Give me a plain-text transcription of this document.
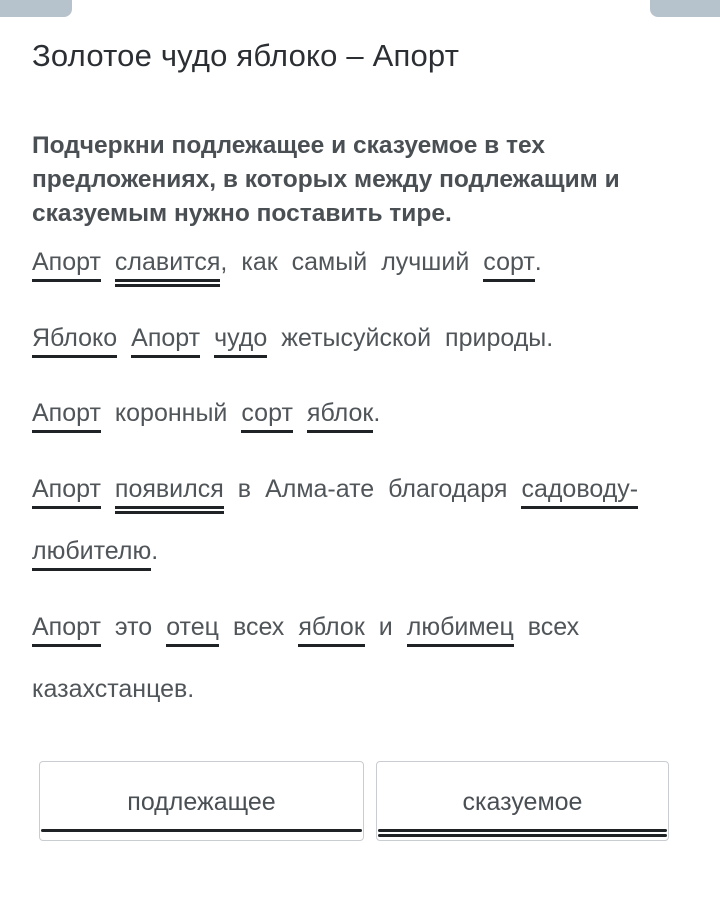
Золотое чудо яблоко – Апорт
Подчеркни подлежащее и сказуемое в тех предложениях, в которых между подлежащим и сказуемым нужно поставить тире.
Апорт славится, как самый лучший сорт.
Яблоко Апорт чудо жетысуйской природы.
Апорт коронный сорт яблок.
Апорт появился в Алма-ате благодаря садоводу-
любителю.
Апорт это отец всех яблок и любимец всех
казахстанцев.
подлежащее	сказуемое
